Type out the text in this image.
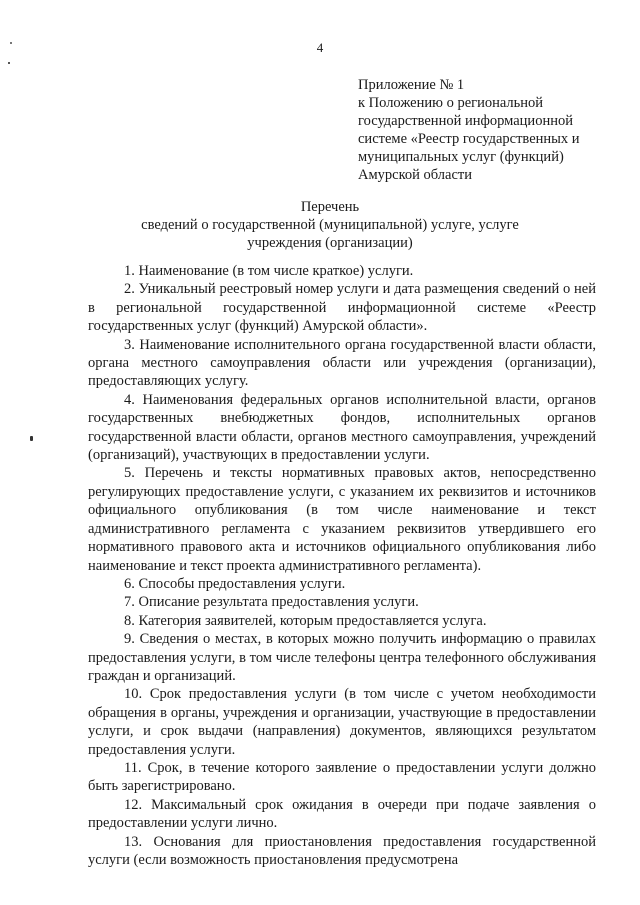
4
Приложение № 1
к Положению о региональной
государственной информационной
системе «Реестр государственных и
муниципальных услуг (функций)
Амурской области
Перечень
сведений о государственной (муниципальной) услуге, услуге
учреждения (организации)

1. Наименование (в том числе краткое) услуги.

2. Уникальный реестровый номер услуги и дата размещения сведений о ней в региональной государственной информационной системе «Реестр государственных услуг (функций) Амурской области».

3. Наименование исполнительного органа государственной власти области, органа местного самоуправления области или учреждения (организации), предоставляющих услугу.

4. Наименования федеральных органов исполнительной власти, органов государственных внебюджетных фондов, исполнительных органов государственной власти области, органов местного самоуправления, учреждений (организаций), участвующих в предоставлении услуги.

5. Перечень и тексты нормативных правовых актов, непосредственно регулирующих предоставление услуги, с указанием их реквизитов и источников официального опубликования (в том числе наименование и текст административного регламента с указанием реквизитов утвердившего его нормативного правового акта и источников официального опубликования либо наименование и текст проекта административного регламента).

6. Способы предоставления услуги.

7. Описание результата предоставления услуги.

8. Категория заявителей, которым предоставляется услуга.

9. Сведения о местах, в которых можно получить информацию о правилах предоставления услуги, в том числе телефоны центра телефонного обслуживания граждан и организаций.

10. Срок предоставления услуги (в том числе с учетом необходимости обращения в органы, учреждения и организации, участвующие в предоставлении услуги, и срок выдачи (направления) документов, являющихся результатом предоставления услуги.

11. Срок, в течение которого заявление о предоставлении услуги должно быть зарегистрировано.

12. Максимальный срок ожидания в очереди при подаче заявления о предоставлении услуги лично.

13. Основания для приостановления предоставления государственной услуги (если возможность приостановления предусмотрена
